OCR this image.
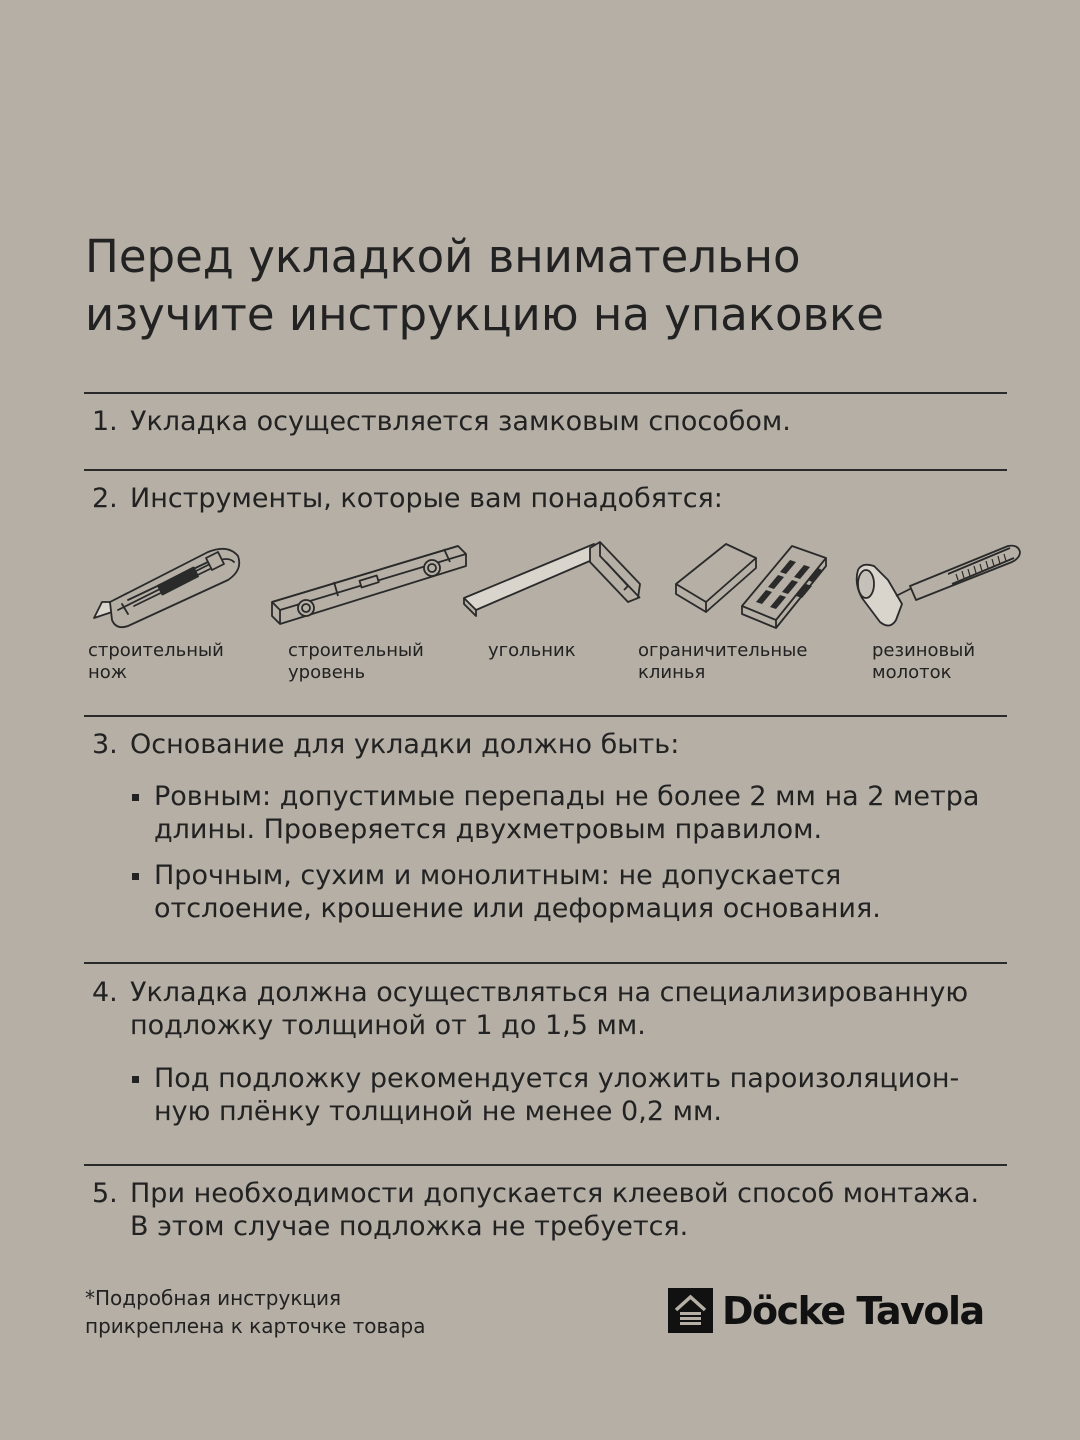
Перед укладкой внимательно
изучите инструкцию на упаковке
1. Укладка осуществляется замковым способом.
2. Инструменты, которые вам понадобятся:
строительный
нож
строительный
уровень
угольник	ограничительные
клинья
резиновый
молоток
3. Основание для укладки должно быть:
Ровным: допустимые перепады не более 2 мм на 2 метра
длины. Проверяется двухметровым правилом.
Прочным, сухим и монолитным: не допускается
отслоение, крошение или деформация основания.
4. Укладка должна осуществляться на специализированную
подложку толщиной от 1 до 1,5 мм.
Под подложку рекомендуется уложить пароизоляцион-
ную плёнку толщиной не менее 0,2 мм.
5. При необходимости допускается клеевой способ монтажа.
В этом случае подложка не требуется.
*Подробная инструкция
прикреплена к карточке товара	Döcke Tavola
